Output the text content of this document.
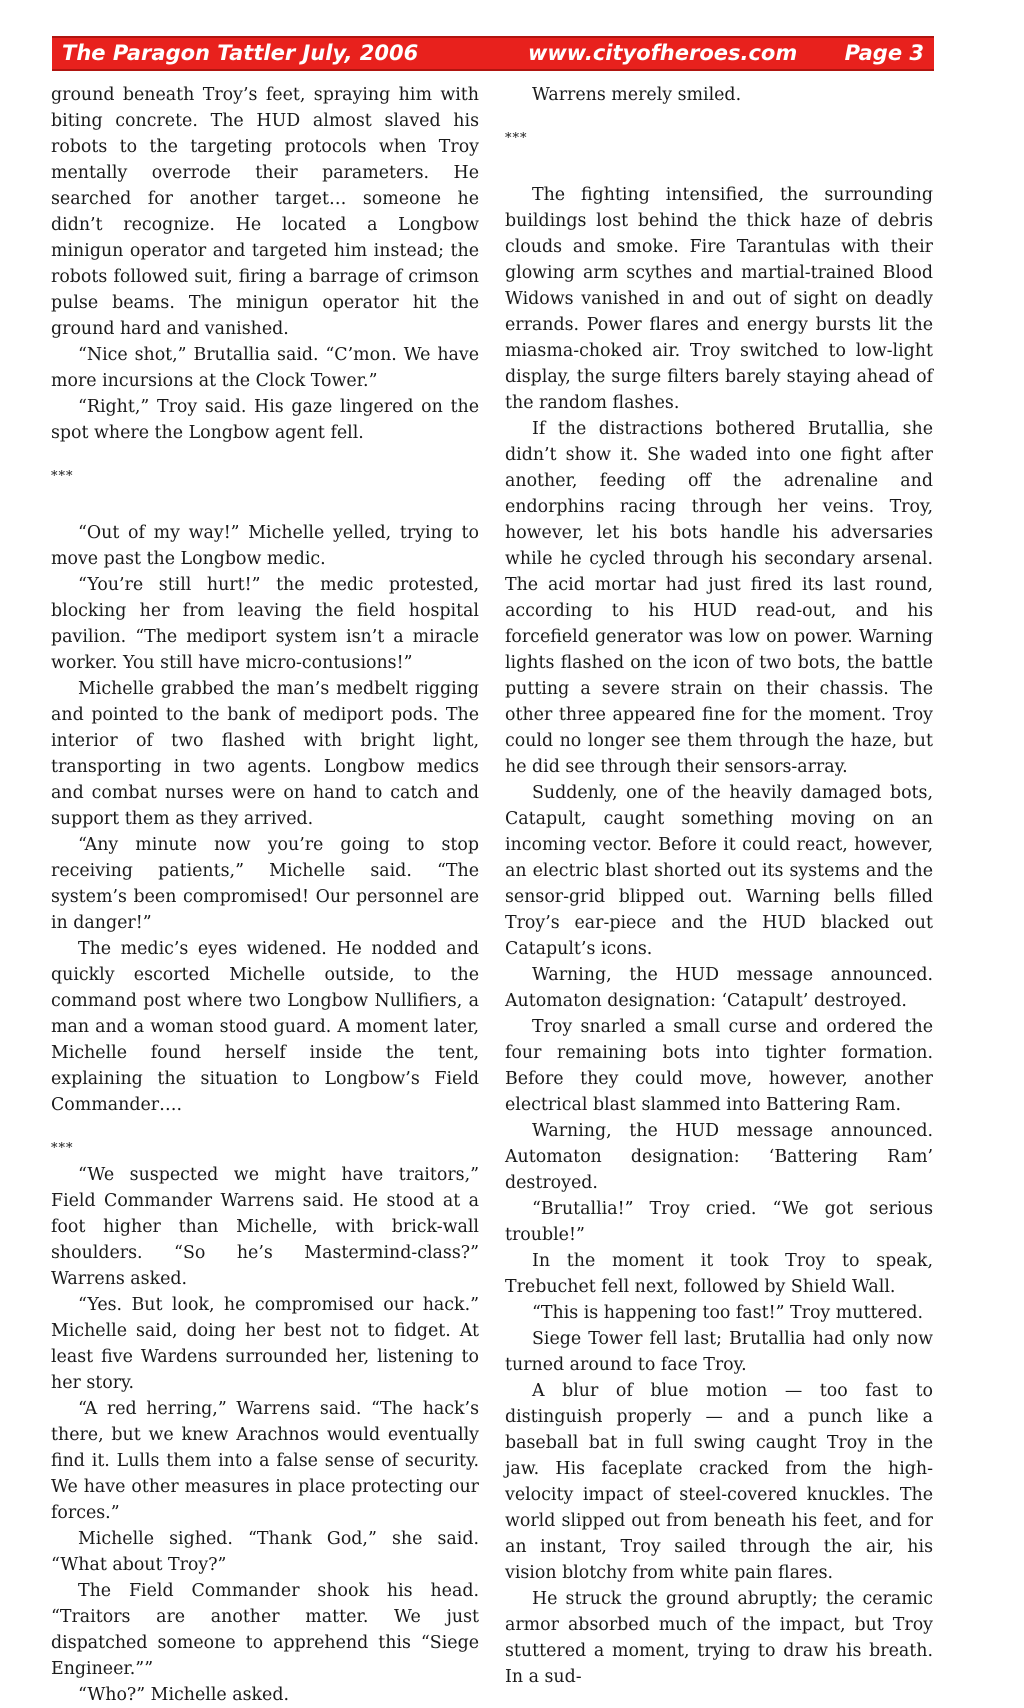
The Paragon Tattler July, 2006	www.cityofheroes.com Page 3

ground beneath Troy’s feet, spraying him with biting concrete. The HUD almost slaved his robots to the targeting protocols when Troy mentally overrode their parameters. He searched for another target… someone he didn’t recognize. He located a Longbow minigun operator and targeted him instead; the robots followed suit, firing a barrage of crimson pulse beams. The minigun operator hit the ground hard and vanished.

“Nice shot,” Brutallia said. “C’mon. We have more incursions at the Clock Tower.”

“Right,” Troy said. His gaze lingered on the spot where the Longbow agent fell.

***

“Out of my way!” Michelle yelled, trying to move past the Longbow medic.

“You’re still hurt!” the medic protested, blocking her from leaving the field hospital pavilion. “The mediport system isn’t a miracle worker. You still have micro-contusions!”

Michelle grabbed the man’s medbelt rigging and pointed to the bank of mediport pods. The interior of two flashed with bright light, transporting in two agents. Longbow medics and combat nurses were on hand to catch and support them as they arrived.

“Any minute now you’re going to stop receiving patients,” Michelle said. “The system’s been compromised! Our personnel are in danger!”

The medic’s eyes widened. He nodded and quickly escorted Michelle outside, to the command post where two Longbow Nullifiers, a man and a woman stood guard. A moment later, Michelle found herself inside the tent, explaining the situation to Longbow’s Field Commander….

***

“We suspected we might have traitors,” Field Commander Warrens said. He stood at a foot higher than Michelle, with brick-wall shoulders. “So he’s Mastermind-class?” Warrens asked.

“Yes. But look, he compromised our hack.” Michelle said, doing her best not to fidget. At least five Wardens surrounded her, listening to her story.

“A red herring,” Warrens said. “The hack’s there, but we knew Arachnos would eventually find it. Lulls them into a false sense of security. We have other measures in place protecting our forces.”

Michelle sighed. “Thank God,” she said. “What about Troy?”

The Field Commander shook his head. “Traitors are another matter. We just dispatched someone to apprehend this “Siege Engineer.””

“Who?” Michelle asked.

Warrens merely smiled.

***

The fighting intensified, the surrounding buildings lost behind the thick haze of debris clouds and smoke. Fire Tarantulas with their glowing arm scythes and martial-trained Blood Widows vanished in and out of sight on deadly errands. Power flares and energy bursts lit the miasma-choked air. Troy switched to low-light display, the surge filters barely staying ahead of the random flashes.

If the distractions bothered Brutallia, she didn’t show it. She waded into one fight after another, feeding off the adrenaline and endorphins racing through her veins. Troy, however, let his bots handle his adversaries while he cycled through his secondary arsenal. The acid mortar had just fired its last round, according to his HUD read-out, and his forcefield generator was low on power. Warning lights flashed on the icon of two bots, the battle putting a severe strain on their chassis. The other three appeared fine for the moment. Troy could no longer see them through the haze, but he did see through their sensors-array.

Suddenly, one of the heavily damaged bots, Catapult, caught something moving on an incoming vector. Before it could react, however, an electric blast shorted out its systems and the sensor-grid blipped out. Warning bells filled Troy’s ear-piece and the HUD blacked out Catapult’s icons.

Warning, the HUD message announced. Automaton designation: ‘Catapult’ destroyed.

Troy snarled a small curse and ordered the four remaining bots into tighter formation. Before they could move, however, another electrical blast slammed into Battering Ram.

Warning, the HUD message announced. Automaton designation: ‘Battering Ram’ destroyed.

“Brutallia!” Troy cried. “We got serious trouble!”

In the moment it took Troy to speak, Trebuchet fell next, followed by Shield Wall.

“This is happening too fast!” Troy muttered.

Siege Tower fell last; Brutallia had only now turned around to face Troy.

A blur of blue motion — too fast to distinguish properly — and a punch like a baseball bat in full swing caught Troy in the jaw. His faceplate cracked from the high-velocity impact of steel-covered knuckles. The world slipped out from beneath his feet, and for an instant, Troy sailed through the air, his vision blotchy from white pain flares.

He struck the ground abruptly; the ceramic armor absorbed much of the impact, but Troy stuttered a moment, trying to draw his breath. In a sud-
